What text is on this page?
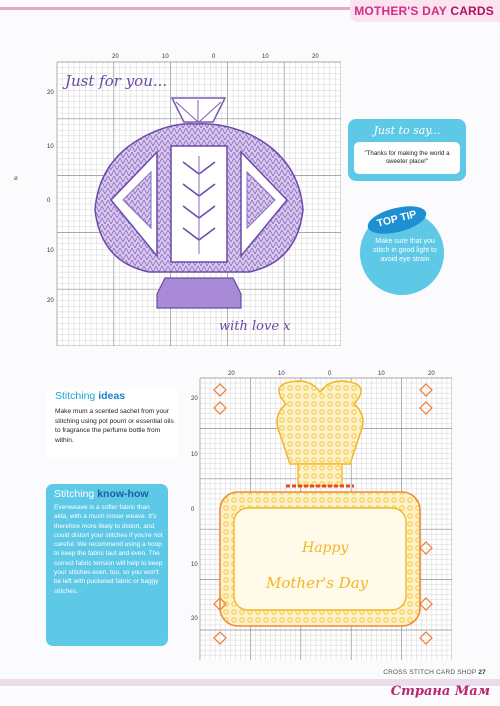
MOTHER'S DAY CARDS
ø
20	10	0	10	20
20
10
0
10
20
Just for you...
with love x
Just to say...
"Thanks for making the world a sweeter place!"
TOP TIP
Make sure that you stitch in good light to avoid eye strain
Stitching ideas
Make mum a scented sachet from your stitching using pot pourri or essential oils to fragrance the perfume bottle from within.
Stitching know-how
Evenweave is a softer fabric than aida, with a much looser weave. It's therefore more likely to distort, and could distort your stitches if you're not careful. We recommend using a hoop to keep the fabric taut and even. The correct fabric tension will help to keep your stitches even, too, so you won't be left with puckered fabric or baggy stitches.
20	10	0	10	20
20
10
0
10
20
Happy
Mother's Day
CROSS STITCH CARD SHOP 27
Страна Мам
